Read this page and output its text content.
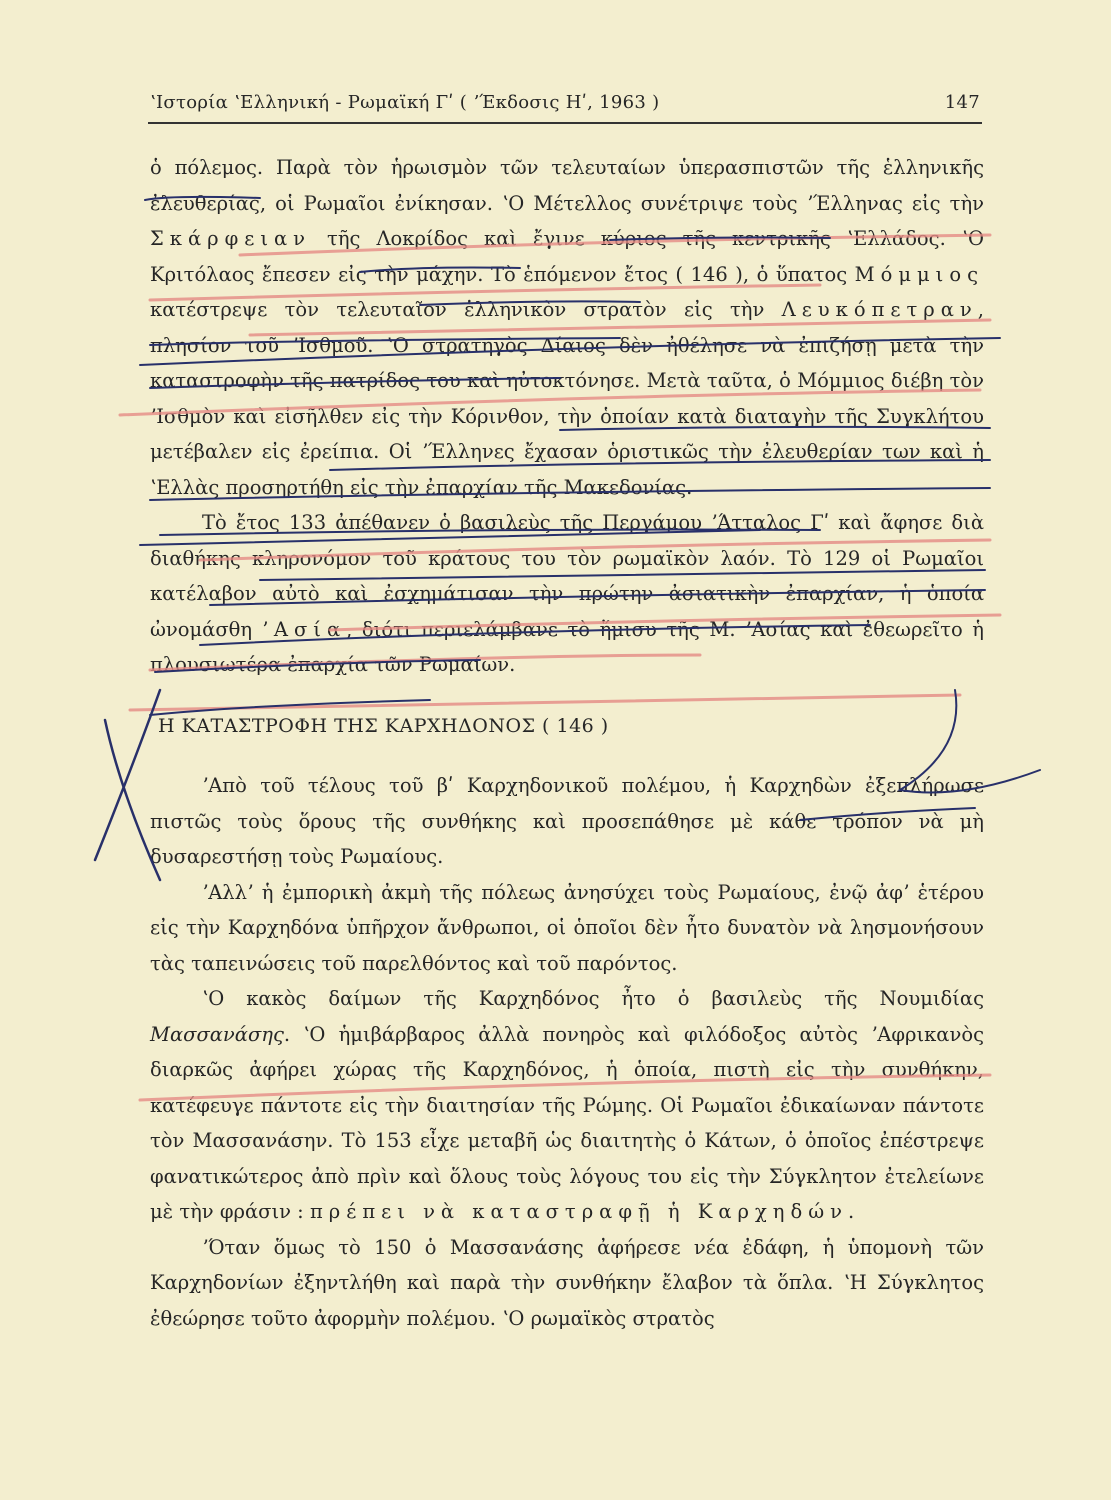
ʽΙστορία ʽΕλληνική - Ρωμαϊκή Γʹ ( ʼΈκδοσις Ηʹ, 1963 )	147

ὁ πόλεμος. Παρὰ τὸν ἡρωισμὸν τῶν τελευταίων ὑπερασπιστῶν τῆς ἑλληνικῆς ἐλευθερίας, οἱ Ρωμαῖοι ἐνίκησαν. ʽΟ Μέτελλος συνέτριψε τοὺς ʼΈλληνας εἰς τὴν Σκάρφειαν τῆς Λοκρίδος καὶ ἔγινε κύριος τῆς κεντρικῆς ʽΕλλάδος. ʽΟ Κριτόλαος ἔπεσεν εἰς τὴν μάχην. Τὸ ἑπόμενον ἔτος ( 146 ), ὁ ὕπατος Μόμμιος κατέστρεψε τὸν τελευταῖον ἑλληνικὸν στρατὸν εἰς τὴν Λευκόπετραν, πλησίον τοῦ ʼΙσθμοῦ. ʽΟ στρατηγὸς Δίαιος δὲν ἠθέλησε νὰ ἐπιζήσῃ μετὰ τὴν καταστροφὴν τῆς πατρίδος του καὶ ηὐτοκτόνησε. Μετὰ ταῦτα, ὁ Μόμμιος διέβη τὸν ʼΙσθμὸν καὶ εἰσῆλθεν εἰς τὴν Κόρινθον, τὴν ὁποίαν κατὰ διαταγὴν τῆς Συγκλήτου μετέβαλεν εἰς ἐρείπια. Οἱ ʼΈλληνες ἔχασαν ὁριστικῶς τὴν ἐλευθερίαν των καὶ ἡ ʽΕλλὰς προσηρτήθη εἰς τὴν ἐπαρχίαν τῆς Μακεδονίας.

Τὸ ἔτος 133 ἀπέθανεν ὁ βασιλεὺς τῆς Περγάμου ʼΆτταλος Γʹ καὶ ἄφησε διὰ διαθήκης κληρονόμον τοῦ κράτους του τὸν ρωμαϊκὸν λαόν. Τὸ 129 οἱ Ρωμαῖοι κατέλαβον αὐτὸ καὶ ἐσχημάτισαν τὴν πρώτην ἀσιατικὴν ἐπαρχίαν, ἡ ὁποία ὠνομάσθη ʼΑσία, διότι περιελάμβανε τὸ ἥμισυ τῆς Μ. ʼΑσίας καὶ ἐθεωρεῖτο ἡ πλουσιωτέρα ἐπαρχία τῶν Ρωμαίων.

Η ΚΑΤΑΣΤΡΟΦΗ ΤΗΣ ΚΑΡΧΗΔΟΝΟΣ ( 146 )

ʼΑπὸ τοῦ τέλους τοῦ βʹ Καρχηδονικοῦ πολέμου, ἡ Καρχηδὼν ἐξεπλήρωσε πιστῶς τοὺς ὅρους τῆς συνθήκης καὶ προσεπάθησε μὲ κάθε τρόπον νὰ μὴ δυσαρεστήσῃ τοὺς Ρωμαίους.

ʼΑλλʼ ἡ ἐμπορικὴ ἀκμὴ τῆς πόλεως ἀνησύχει τοὺς Ρωμαίους, ἐνῷ ἀφʼ ἑτέρου εἰς τὴν Καρχηδόνα ὑπῆρχον ἄνθρωποι, οἱ ὁποῖοι δὲν ἦτο δυνατὸν νὰ λησμονήσουν τὰς ταπεινώσεις τοῦ παρελθόντος καὶ τοῦ παρόντος.

ʽΟ κακὸς δαίμων τῆς Καρχηδόνος ἦτο ὁ βασιλεὺς τῆς Νουμιδίας Μασσανάσης. ʽΟ ἡμιβάρβαρος ἀλλὰ πονηρὸς καὶ φιλόδοξος αὐτὸς ʼΑφρικανὸς διαρκῶς ἀφήρει χώρας τῆς Καρχηδόνος, ἡ ὁποία, πιστὴ εἰς τὴν συνθήκην, κατέφευγε πάντοτε εἰς τὴν διαιτησίαν τῆς Ρώμης. Οἱ Ρωμαῖοι ἐδικαίωναν πάντοτε τὸν Μασσανάσην. Τὸ 153 εἶχε μεταβῆ ὡς διαιτητὴς ὁ Κάτων, ὁ ὁποῖος ἐπέστρεψε φανατικώτερος ἀπὸ πρὶν καὶ ὅλους τοὺς λόγους του εἰς τὴν Σύγκλητον ἐτελείωνε μὲ τὴν φράσιν : πρέπει νὰ καταστραφῇ ἡ Καρχηδών.

ʼΌταν ὅμως τὸ 150 ὁ Μασσανάσης ἀφήρεσε νέα ἐδάφη, ἡ ὑπομονὴ τῶν Καρχηδονίων ἐξηντλήθη καὶ παρὰ τὴν συνθήκην ἔλαβον τὰ ὅπλα. ʽΗ Σύγκλητος ἐθεώρησε τοῦτο ἀφορμὴν πολέμου. ʽΟ ρωμαϊκὸς στρατὸς
